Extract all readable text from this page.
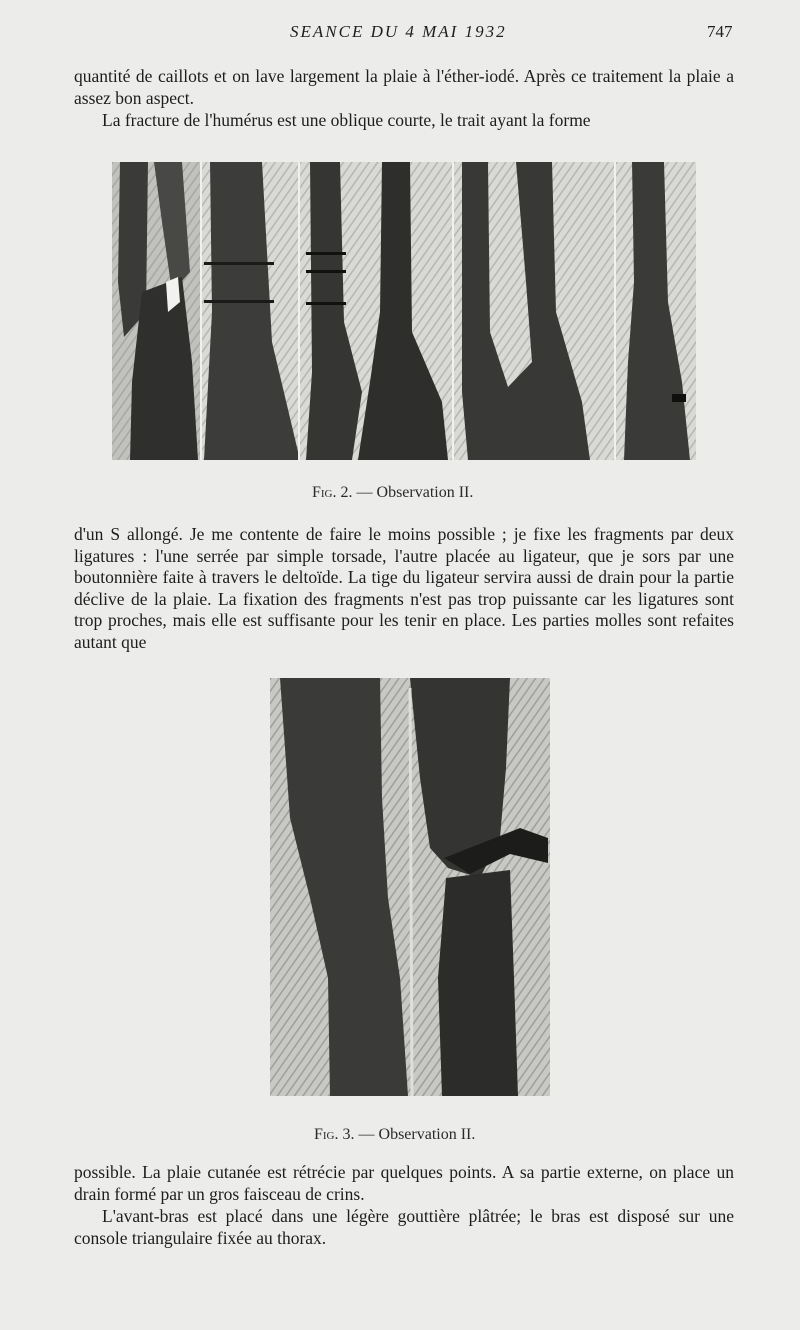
SEANCE DU 4 MAI 1932	747

quantité de caillots et on lave largement la plaie à l'éther-iodé. Après ce traitement la plaie a assez bon aspect.

La fracture de l'humérus est une oblique courte, le trait ayant la forme

Fig. 2. — Observation II.

d'un S allongé. Je me contente de faire le moins possible ; je fixe les fragments par deux ligatures : l'une serrée par simple torsade, l'autre placée au ligateur, que je sors par une boutonnière faite à travers le deltoïde. La tige du ligateur servira aussi de drain pour la partie déclive de la plaie. La fixation des fragments n'est pas trop puissante car les ligatures sont trop proches, mais elle est suffisante pour les tenir en place. Les parties molles sont refaites autant que

Fig. 3. — Observation II.

possible. La plaie cutanée est rétrécie par quelques points. A sa partie externe, on place un drain formé par un gros faisceau de crins.

L'avant-bras est placé dans une légère gouttière plâtrée; le bras est disposé sur une console triangulaire fixée au thorax.
